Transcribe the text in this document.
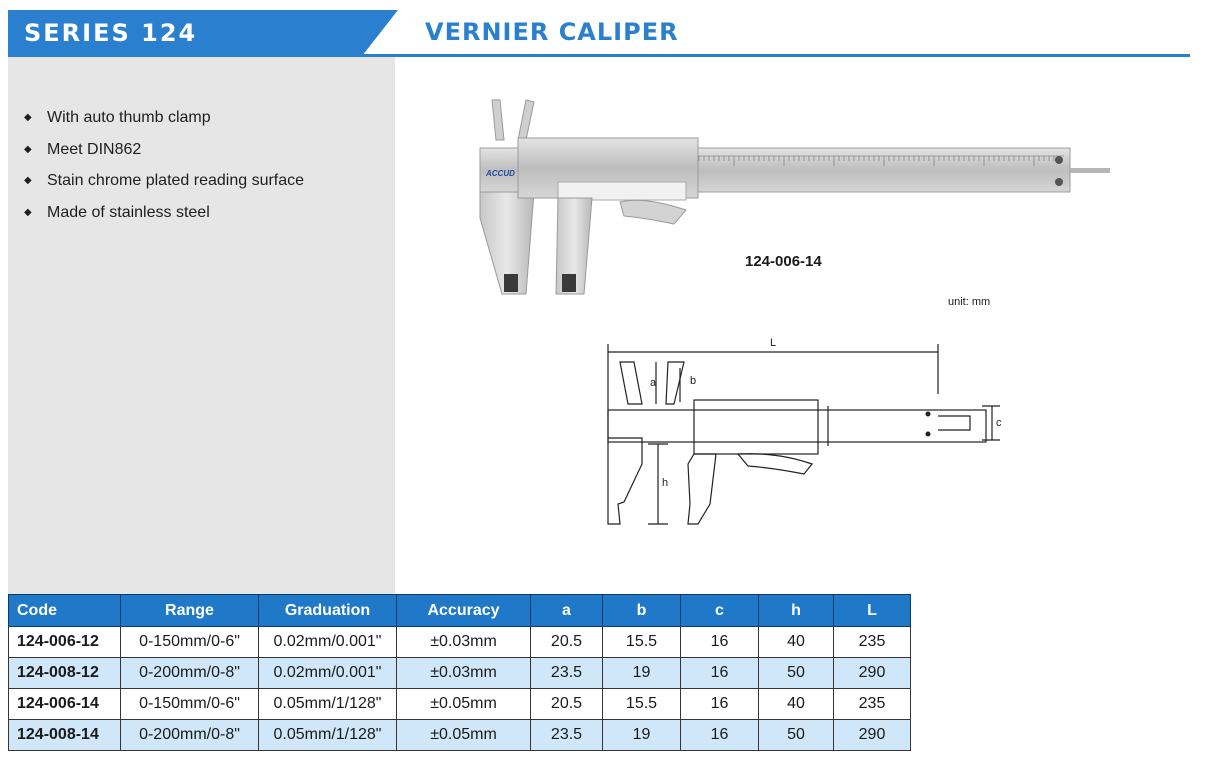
SERIES 124	VERNIER CALIPER
◆ With auto thumb clamp
◆ Meet DIN862
◆ Stain chrome plated reading surface
◆ Made of stainless steel
ACCUD
124-006-14
unit: mm
L
a	b
c
h
Code	Range	Graduation	Accuracy	a	b	c	h	L
124-006-12	0-150mm/0-6"	0.02mm/0.001"	±0.03mm	20.5	15.5	16	40	235
124-008-12	0-200mm/0-8"	0.02mm/0.001"	±0.03mm	23.5	19	16	50	290
124-006-14	0-150mm/0-6"	0.05mm/1/128"	±0.05mm	20.5	15.5	16	40	235
124-008-14	0-200mm/0-8"	0.05mm/1/128"	±0.05mm	23.5	19	16	50	290
